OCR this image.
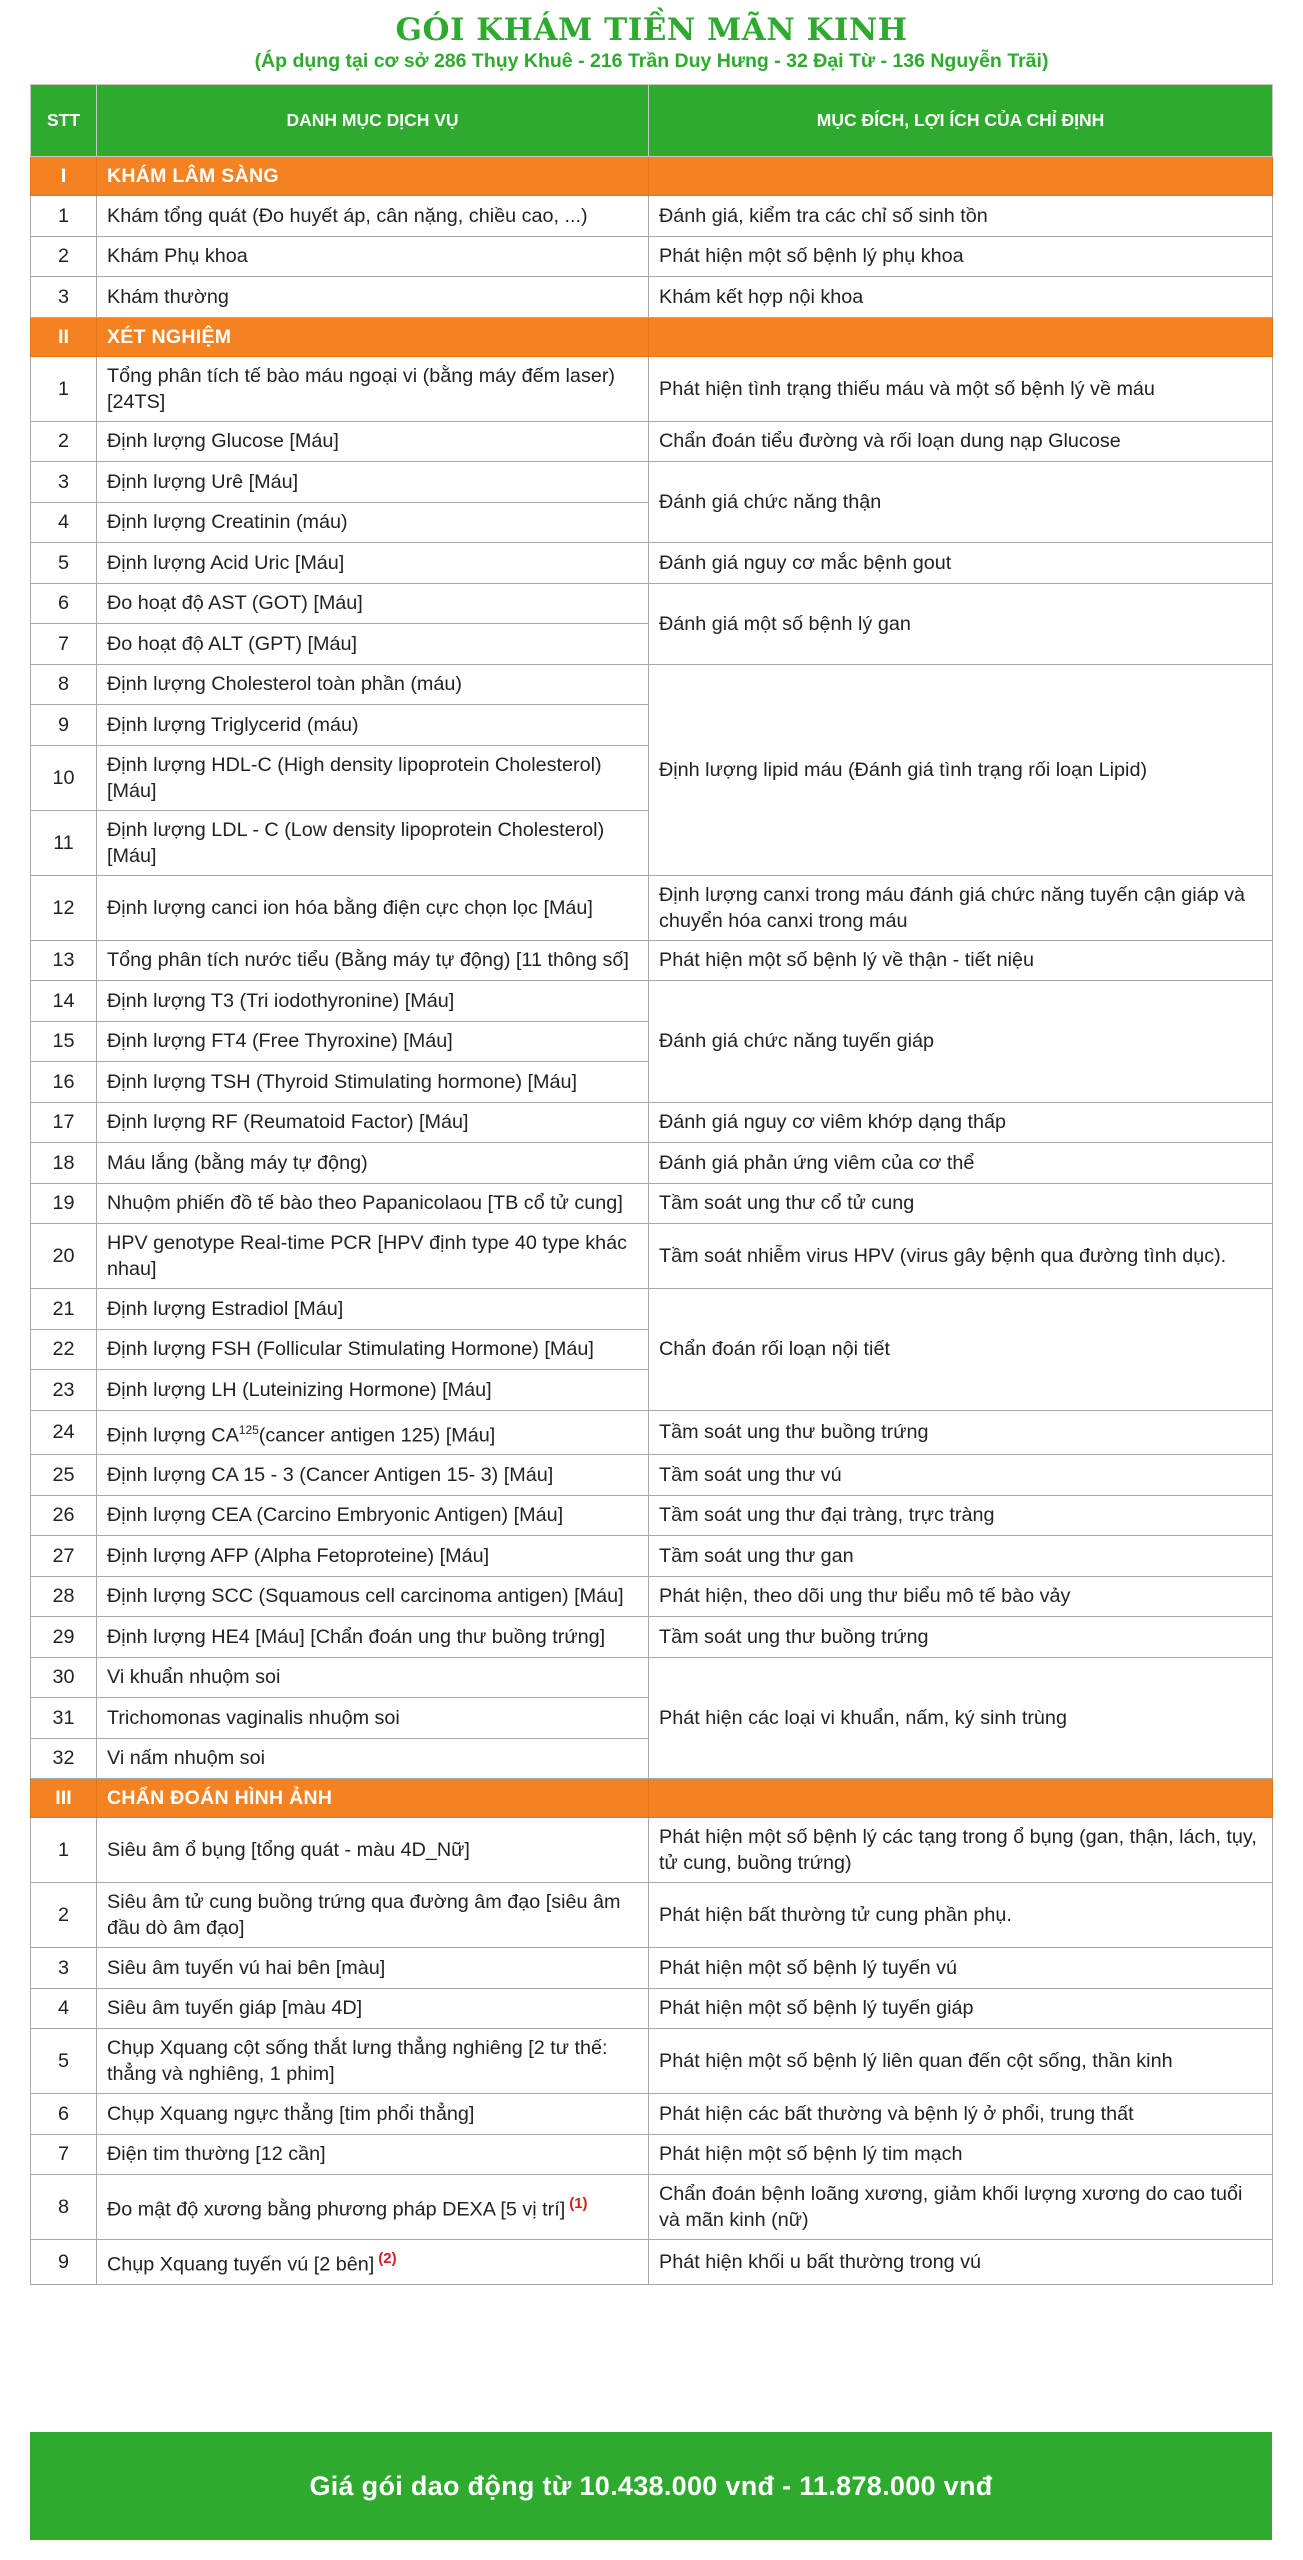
GÓI KHÁM TIỀN MÃN KINH
(Áp dụng tại cơ sở 286 Thụy Khuê - 216 Trần Duy Hưng - 32 Đại Từ - 136 Nguyễn Trãi)
STT	DANH MỤC DỊCH VỤ	MỤC ĐÍCH, LỢI ÍCH CỦA CHỈ ĐỊNH
I	KHÁM LÂM SÀNG	
1	Khám tổng quát (Đo huyết áp, cân nặng, chiều cao, ...)	Đánh giá, kiểm tra các chỉ số sinh tồn
2	Khám Phụ khoa	Phát hiện một số bệnh lý phụ khoa
3	Khám thường	Khám kết hợp nội khoa
II	XÉT NGHIỆM	
1	Tổng phân tích tế bào máu ngoại vi (bằng máy đếm laser) [24TS]	Phát hiện tình trạng thiếu máu và một số bệnh lý về máu
2	Định lượng Glucose [Máu]	Chẩn đoán tiểu đường và rối loạn dung nạp Glucose
3	Định lượng Urê [Máu]	Đánh giá chức năng thận
4	Định lượng Creatinin (máu)	
5	Định lượng Acid Uric [Máu]	Đánh giá nguy cơ mắc bệnh gout
6	Đo hoạt độ AST (GOT) [Máu]	Đánh giá một số bệnh lý gan
7	Đo hoạt độ ALT (GPT) [Máu]	
8	Định lượng Cholesterol toàn phần (máu)	Định lượng lipid máu (Đánh giá tình trạng rối loạn Lipid)
9	Định lượng Triglycerid (máu)	
10	Định lượng HDL-C (High density lipoprotein Cholesterol) [Máu]	
11	Định lượng LDL - C (Low density lipoprotein Cholesterol) [Máu]	
12	Định lượng canci ion hóa bằng điện cực chọn lọc [Máu]	Định lượng canxi trong máu đánh giá chức năng tuyến cận giáp và chuyển hóa canxi trong máu
13	Tổng phân tích nước tiểu (Bằng máy tự động) [11 thông số]	Phát hiện một số bệnh lý về thận - tiết niệu
14	Định lượng T3 (Tri iodothyronine) [Máu]	Đánh giá chức năng tuyến giáp
15	Định lượng FT4 (Free Thyroxine) [Máu]	
16	Định lượng TSH (Thyroid Stimulating hormone) [Máu]	
17	Định lượng RF (Reumatoid Factor) [Máu]	Đánh giá nguy cơ viêm khớp dạng thấp
18	Máu lắng (bằng máy tự động)	Đánh giá phản ứng viêm của cơ thể
19	Nhuộm phiến đồ tế bào theo Papanicolaou [TB cổ tử cung]	Tầm soát ung thư cổ tử cung
20	HPV genotype Real-time PCR [HPV định type 40 type khác nhau]	Tầm soát nhiễm virus HPV (virus gây bệnh qua đường tình dục).
21	Định lượng Estradiol [Máu]	Chẩn đoán rối loạn nội tiết
22	Định lượng FSH (Follicular Stimulating Hormone) [Máu]	
23	Định lượng LH (Luteinizing Hormone) [Máu]	
24	Định lượng CA$^{125}$(cancer antigen 125) [Máu]	Tầm soát ung thư buồng trứng
25	Định lượng CA 15 - 3 (Cancer Antigen 15- 3) [Máu]	Tầm soát ung thư vú
26	Định lượng CEA (Carcino Embryonic Antigen) [Máu]	Tầm soát ung thư đại tràng, trực tràng
27	Định lượng AFP (Alpha Fetoproteine) [Máu]	Tầm soát ung thư gan
28	Định lượng SCC (Squamous cell carcinoma antigen) [Máu]	Phát hiện, theo dõi ung thư biểu mô tế bào vảy
29	Định lượng HE4 [Máu] [Chẩn đoán ung thư buồng trứng]	Tầm soát ung thư buồng trứng
30	Vi khuẩn nhuộm soi	Phát hiện các loại vi khuẩn, nấm, ký sinh trùng
31	Trichomonas vaginalis nhuộm soi	
32	Vi nấm nhuộm soi	
III	CHẨN ĐOÁN HÌNH ẢNH	
1	Siêu âm ổ bụng [tổng quát - màu 4D_Nữ]	Phát hiện một số bệnh lý các tạng trong ổ bụng (gan, thận, lách, tụy, tử cung, buồng trứng)
2	Siêu âm tử cung buồng trứng qua đường âm đạo [siêu âm đầu dò âm đạo]	Phát hiện bất thường tử cung phần phụ.
3	Siêu âm tuyến vú hai bên [màu]	Phát hiện một số bệnh lý tuyến vú
4	Siêu âm tuyến giáp [màu 4D]	Phát hiện một số bệnh lý tuyến giáp
5	Chụp Xquang cột sống thắt lưng thẳng nghiêng [2 tư thế: thẳng và nghiêng, 1 phim]	Phát hiện một số bệnh lý liên quan đến cột sống, thần kinh
6	Chụp Xquang ngực thẳng [tim phổi thẳng]	Phát hiện các bất thường và bệnh lý ở phổi, trung thất
7	Điện tim thường [12 cần]	Phát hiện một số bệnh lý tim mạch
8	Đo mật độ xương bằng phương pháp DEXA [5 vị trí] $^{(1)}$	Chẩn đoán bệnh loãng xương, giảm khối lượng xương do cao tuổi và mãn kinh (nữ)
9	Chụp Xquang tuyến vú [2 bên] $^{(2)}$	Phát hiện khối u bất thường trong vú
Giá gói dao động từ 10.438.000 vnđ - 11.878.000 vnđ
